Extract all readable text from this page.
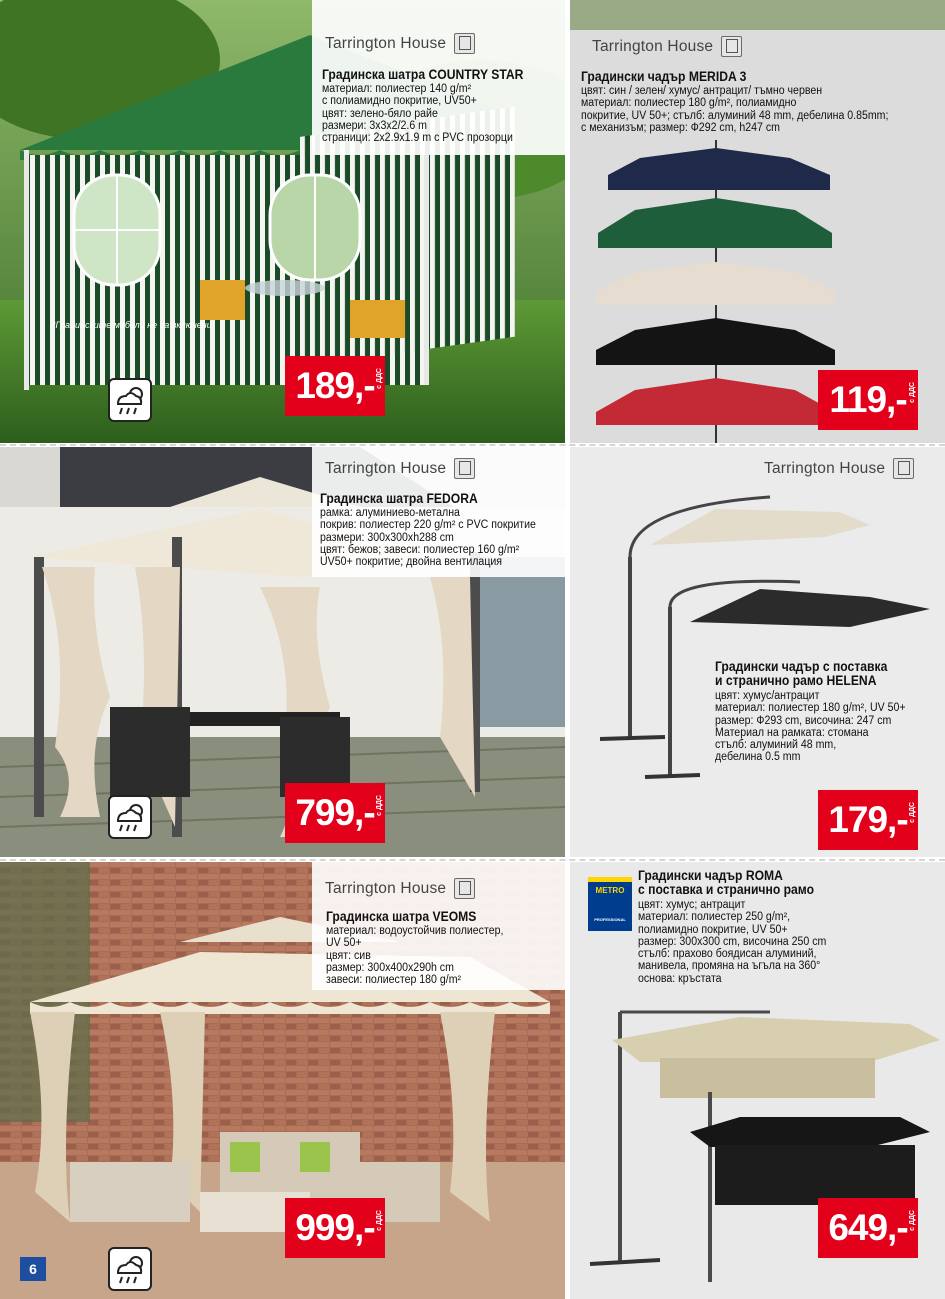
*Градинските мебели не са включени
Tarrington House
Градинска шатра COUNTRY STAR
материал: полиестер 140 g/m²
с полиамидно покритие, UV50+
цвят: зелено-бяло райе
размери: 3x3x2/2.6 m
страници: 2x2.9x1.9 m с PVC прозорци
189,- с ДДС
Tarrington House
Градински чадър MERIDA 3
цвят: син / зелен/ хумус/ антрацит/ тъмно червен
материал: полиестер 180 g/m², полиамидно
покритие, UV 50+; стълб: алуминий 48 mm, дебелина 0.85mm;
с механизъм; размер: Ф292 cm, h247 cm
119,- с ДДС
Tarrington House
Градинска шатра FEDORA
рамка: алуминиево-метална
покрив: полиестер 220 g/m² с PVC покритие
размери: 300x300xh288 cm
цвят: бежов; завеси: полиестер 160 g/m²
UV50+ покритие; двойна вентилация
799,- с ДДС
Tarrington House
Градински чадър с поставка
и странично рамо HELENA
цвят: хумус/антрацит
материал: полиестер 180 g/m², UV 50+
размер: Ф293 cm, височина: 247 cm
Материал на рамката: стомана
стълб: алуминий 48 mm,
дебелина 0.5 mm
179,- с ДДС
6
Tarrington House
Градинска шатра VEOMS
материал: водоустойчив полиестер,
UV 50+
цвят: сив
размер: 300x400x290h cm
завеси: полиестер 180 g/m²
999,- с ДДС
METRO
PROFESSIONAL
Градински чадър ROMA
с поставка и странично рамо
цвят: хумус; антрацит
материал: полиестер 250 g/m²,
полиамидно покритие, UV 50+
размер: 300x300 cm, височина 250 cm
стълб: прахово боядисан алуминий,
манивела, промяна на ъгъла на 360°
основа: кръстата
649,- с ДДС
